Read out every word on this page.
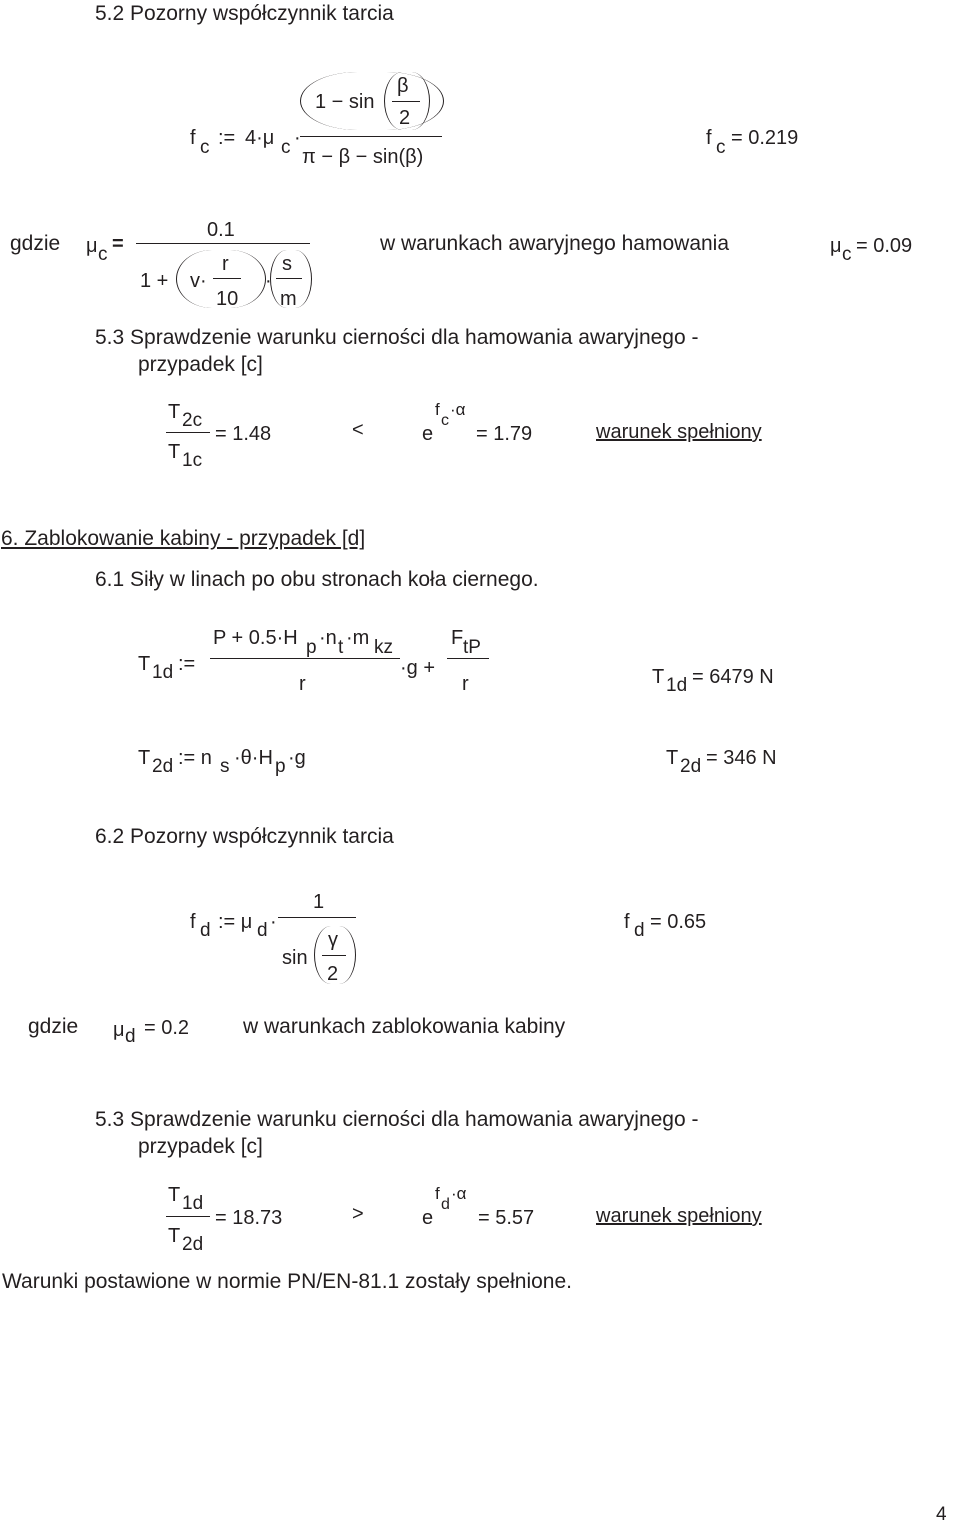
5.2 Pozorny współczynnik tarcia
f c := 4·μ c ·
1 − sin
β
2
π − β − sin(β)
f c = 0.219
gdzie μ c =
0.1
1 + v·
r
10
·
s
m
w warunkach awaryjnego hamowania	μ c = 0.09
5.3 Sprawdzenie warunku cierności dla hamowania awaryjnego -
przypadek [c]
T 2c
T 1c
= 1.48	<	e
f
c
·α
= 1.79	warunek spełniony
6. Zablokowanie kabiny - przypadek [d]
6.1 Siły w linach po obu stronach koła ciernego.
T 1d :=
P + 0.5·H p ·n t ·m kz
r
·g +
F tP
r	T 1d = 6479 N
T 2d := n s ·θ·H p ·g	T 2d = 346 N
6.2 Pozorny współczynnik tarcia
f d := μ d ·
1
sin
γ
2
f d = 0.65
gdzie μ d = 0.2	w warunkach zablokowania kabiny
5.3 Sprawdzenie warunku cierności dla hamowania awaryjnego -
przypadek [c]
T 1d
T 2d
= 18.73	>	e
f
d
·α
= 5.57	warunek spełniony
Warunki postawione w normie PN/EN-81.1 zostały spełnione.
4
